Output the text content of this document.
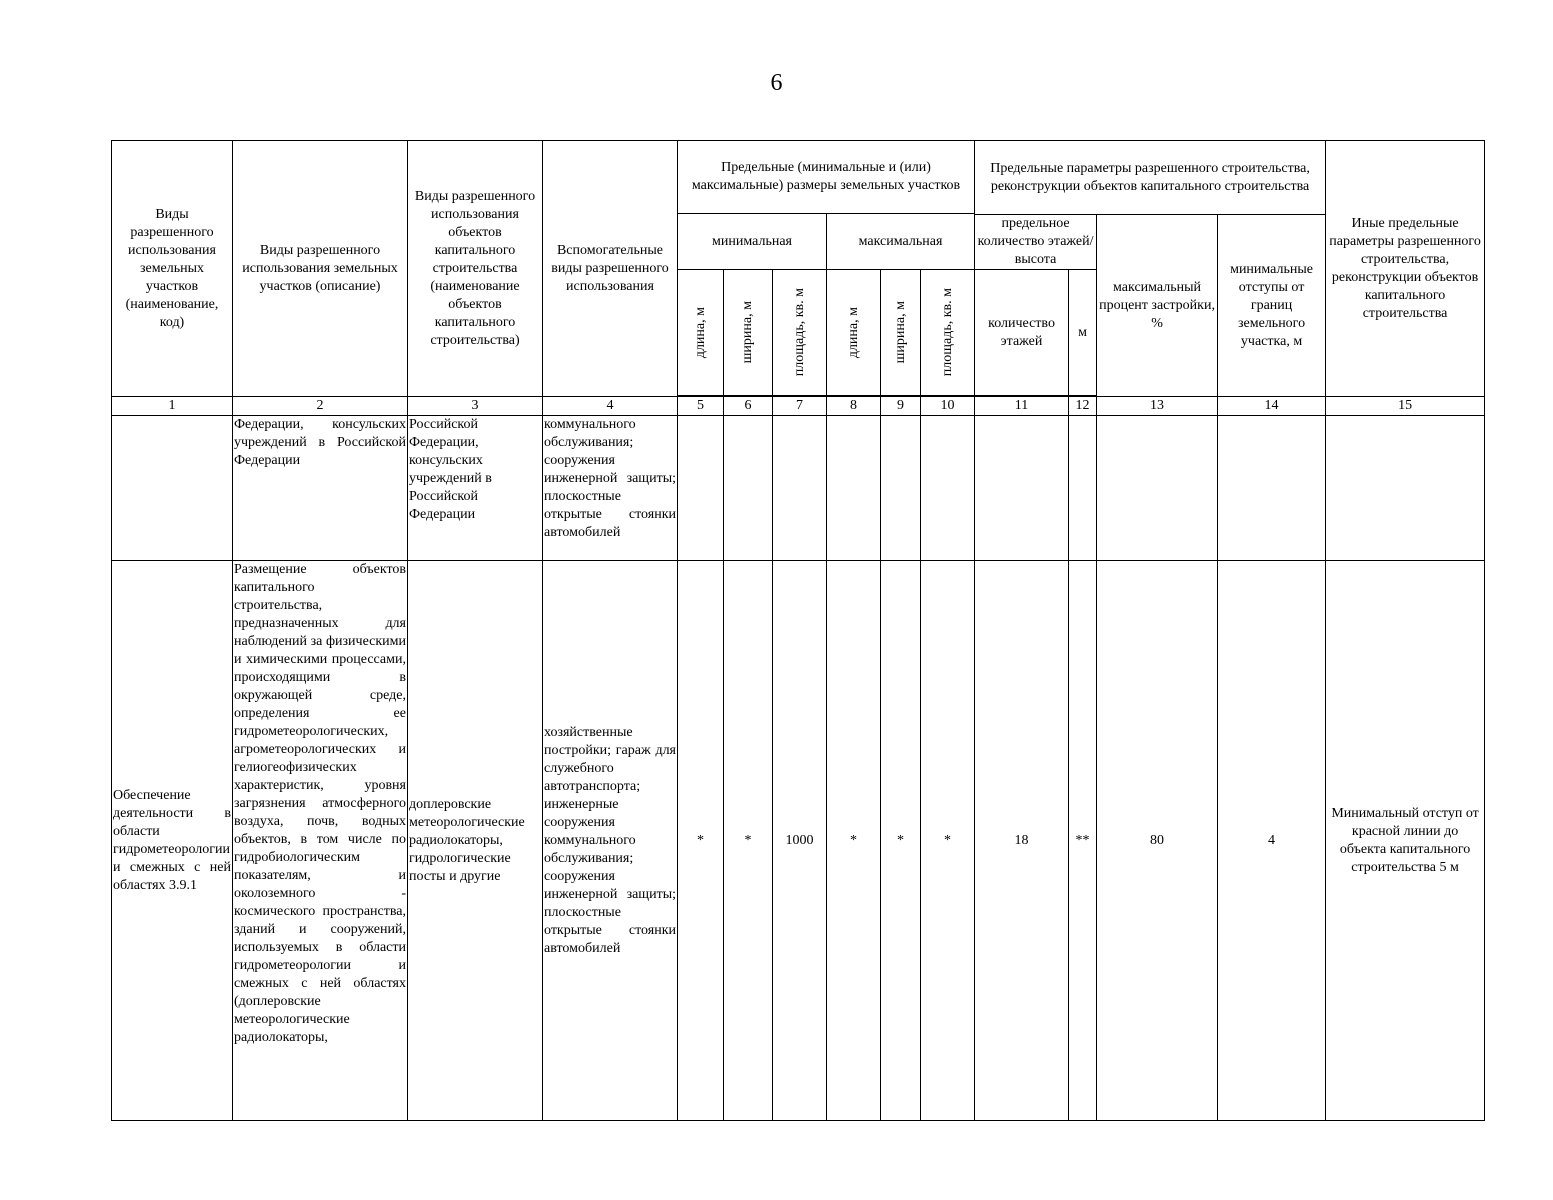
6
Виды разрешенного использования земельных участков (наименование, код)	Виды разрешенного использования земельных участков (описание)	Виды разрешенного использования объектов капитального строительства (наименование объектов капитального строительства)	Вспомогательные виды разрешенного использования	Предельные (минимальные и (или) максимальные) размеры земельных участков						Предельные параметры разрешенного строительства, реконструкции объектов капитального строительства				Иные предельные параметры разрешенного строительства, реконструкции объектов капитального строительства
				минимальная			максимальная							
										предельное количество этажей/высота		максимальный процент застройки, %	минимальные отступы от границ земельного участка, м	

				длина, м	ширина, м	площадь, кв. м	длина, м	ширина, м	площадь, кв. м	количество этажей	м			

1	2	3	4	5	6	7	8	9	10	11	12	13	14	15
	Федерации, консульских учреждений в Российской Федерации	Российской Федерации, консульских учреждений в Российской Федерации	коммунального обслуживания; сооружения инженерной защиты; плоскостные открытые стоянки автомобилей											
Обеспечение деятельности в области гидрометеорологии и смежных с ней областях 3.9.1	Размещение объектов капитального строительства, предназначенных для наблюдений за физическими и химическими процессами, происходящими в окружающей среде, определения ее гидрометеорологических, агрометеорологических и гелиогеофизических характеристик, уровня загрязнения атмосферного воздуха, почв, водных объектов, в том числе по гидробиологическим показателям, и околоземного - космического пространства, зданий и сооружений, используемых в области гидрометеорологии и смежных с ней областях (доплеровские метеорологические радиолокаторы,	доплеровские метеорологические радиолокаторы, гидрологические посты и другие	хозяйственные постройки; гараж для служебного автотранспорта; инженерные сооружения коммунального обслуживания; сооружения инженерной защиты; плоскостные открытые стоянки автомобилей	*	*	1000	*	*	*	18	**	80	4	Минимальный отступ от красной линии до объекта капитального строительства 5 м
